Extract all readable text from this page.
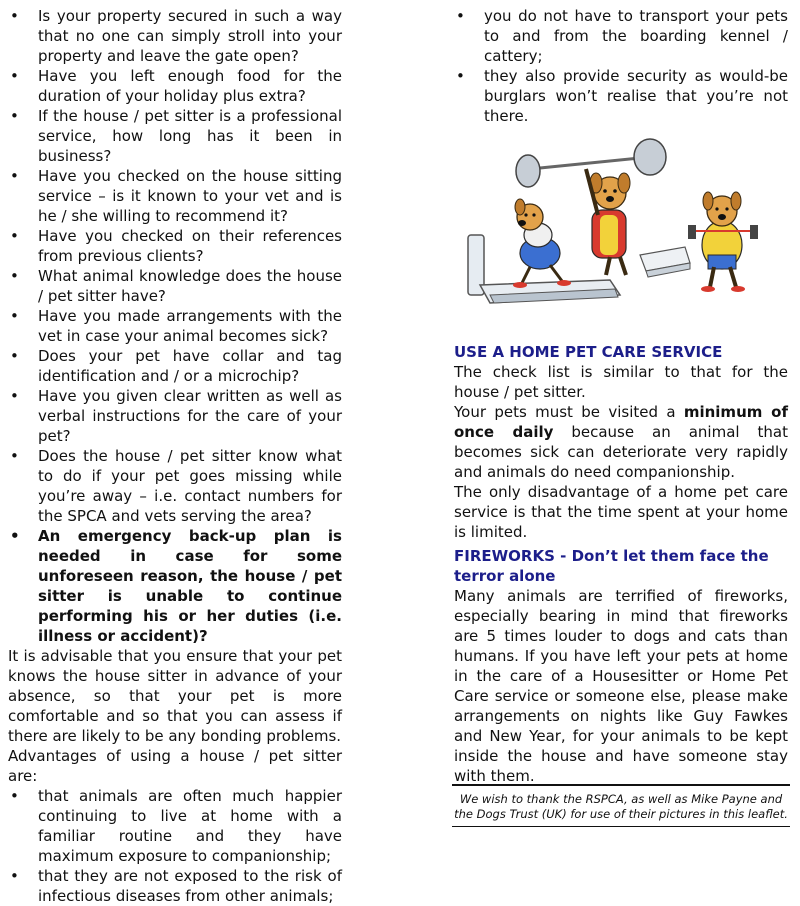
• Is your property secured in such a way that no one can simply stroll into your property and leave the gate open?
• Have you left enough food for the duration of your holiday plus extra?
• If the house / pet sitter is a professional service, how long has it been in business?
• Have you checked on the house sitting service – is it known to your vet and is he / she willing to recommend it?
• Have you checked on their references from previous clients?
• What animal knowledge does the house / pet sitter have?
• Have you made arrangements with the vet in case your animal becomes sick?
• Does your pet have collar and tag identification and / or a microchip?
• Have you given clear written as well as verbal instructions for the care of your pet?
• Does the house / pet sitter know what to do if your pet goes missing while you’re away – i.e. contact numbers for the SPCA and vets serving the area?
• An emergency back-up plan is needed in case for some unforeseen reason, the house / pet sitter is unable to continue performing his or her duties (i.e. illness or accident)?

It is advisable that you ensure that your pet knows the house sitter in advance of your absence, so that your pet is more comfortable and so that you can assess if there are likely to be any bonding problems.

Advantages of using a house / pet sitter are:

• that animals are often much happier continuing to live at home with a familiar routine and they have maximum exposure to companionship;
• that they are not exposed to the risk of infectious diseases from other animals;
• you do not have to transport your pets to and from the boarding kennel / cattery;
• they also provide security as would-be burglars won’t realise that you’re not there.
USE A HOME PET CARE SERVICE

The check list is similar to that for the house / pet sitter.

Your pets must be visited a minimum of once daily because an animal that becomes sick can deteriorate very rapidly and animals do need companionship.

The only disadvantage of a home pet care service is that the time spent at your home is limited.

FIREWORKS - Don’t let them face the terror alone

Many animals are terrified of fireworks, especially bearing in mind that fireworks are 5 times louder to dogs and cats than humans. If you have left your pets at home in the care of a Housesitter or Home Pet Care service or someone else, please make arrangements on nights like Guy Fawkes and New Year, for your animals to be kept inside the house and have someone stay with them.

We wish to thank the RSPCA, as well as Mike Payne and the Dogs Trust (UK) for use of their pictures in this leaflet.
